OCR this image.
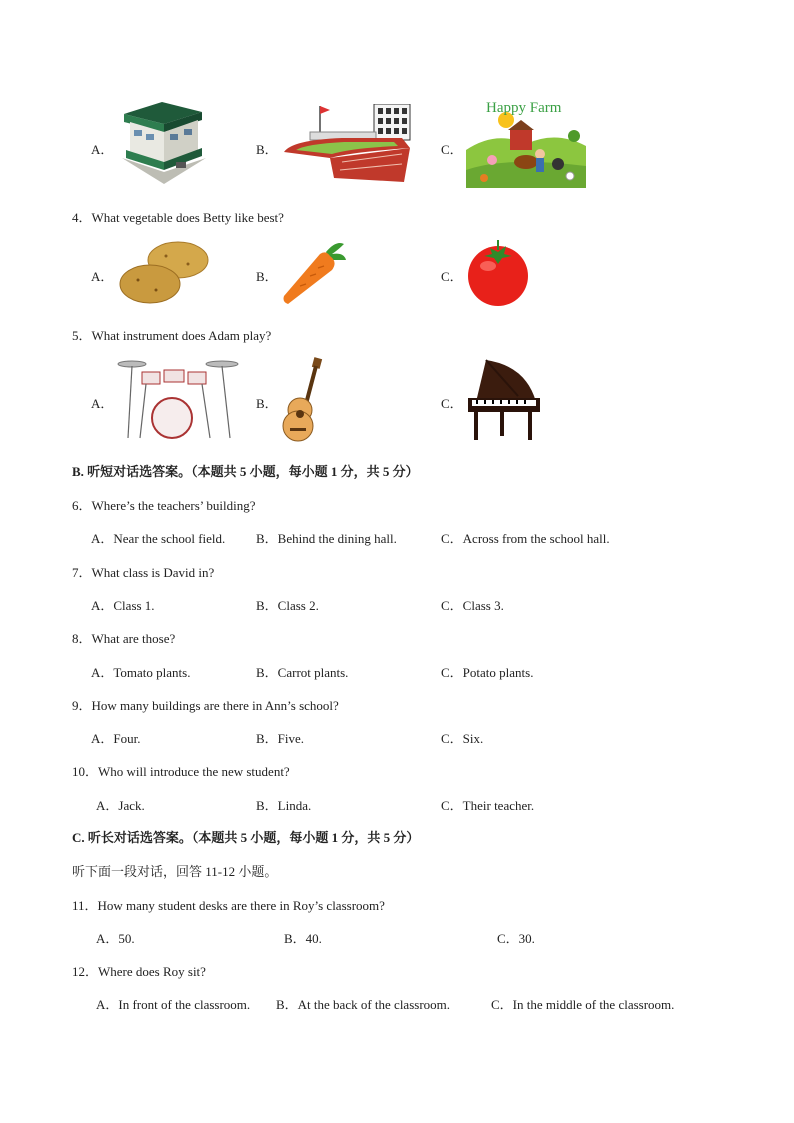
A．	B．	C．
Happy Farm
4．What vegetable does Betty like best?
A．	B．	C．
5．What instrument does Adam play?
A．	B．	C．
B. 听短对话选答案。（本题共 5 小题，每小题 1 分，共 5 分）
6．Where’s the teachers’ building?
A．Near the school field. B．Behind the dining hall.	C．Across from the school hall.
7．What class is David in?
A．Class 1.	B．Class 2.	C．Class 3.
8．What are those?
A．Tomato plants.	B．Carrot plants.	C．Potato plants.
9．How many buildings are there in Ann’s school?
A．Four.	B．Five.	C．Six.
10．Who will introduce the new student?
A．Jack.	B．Linda.	C．Their teacher.
C. 听长对话选答案。（本题共 5 小题，每小题 1 分，共 5 分）
听下面一段对话，回答 11-12 小题。
11．How many student desks are there in Roy’s classroom?
A．50.	B．40.	C．30.
12．Where does Roy sit?
A．In front of the classroom. B．At the back of the classroom.	C．In the middle of the classroom.
